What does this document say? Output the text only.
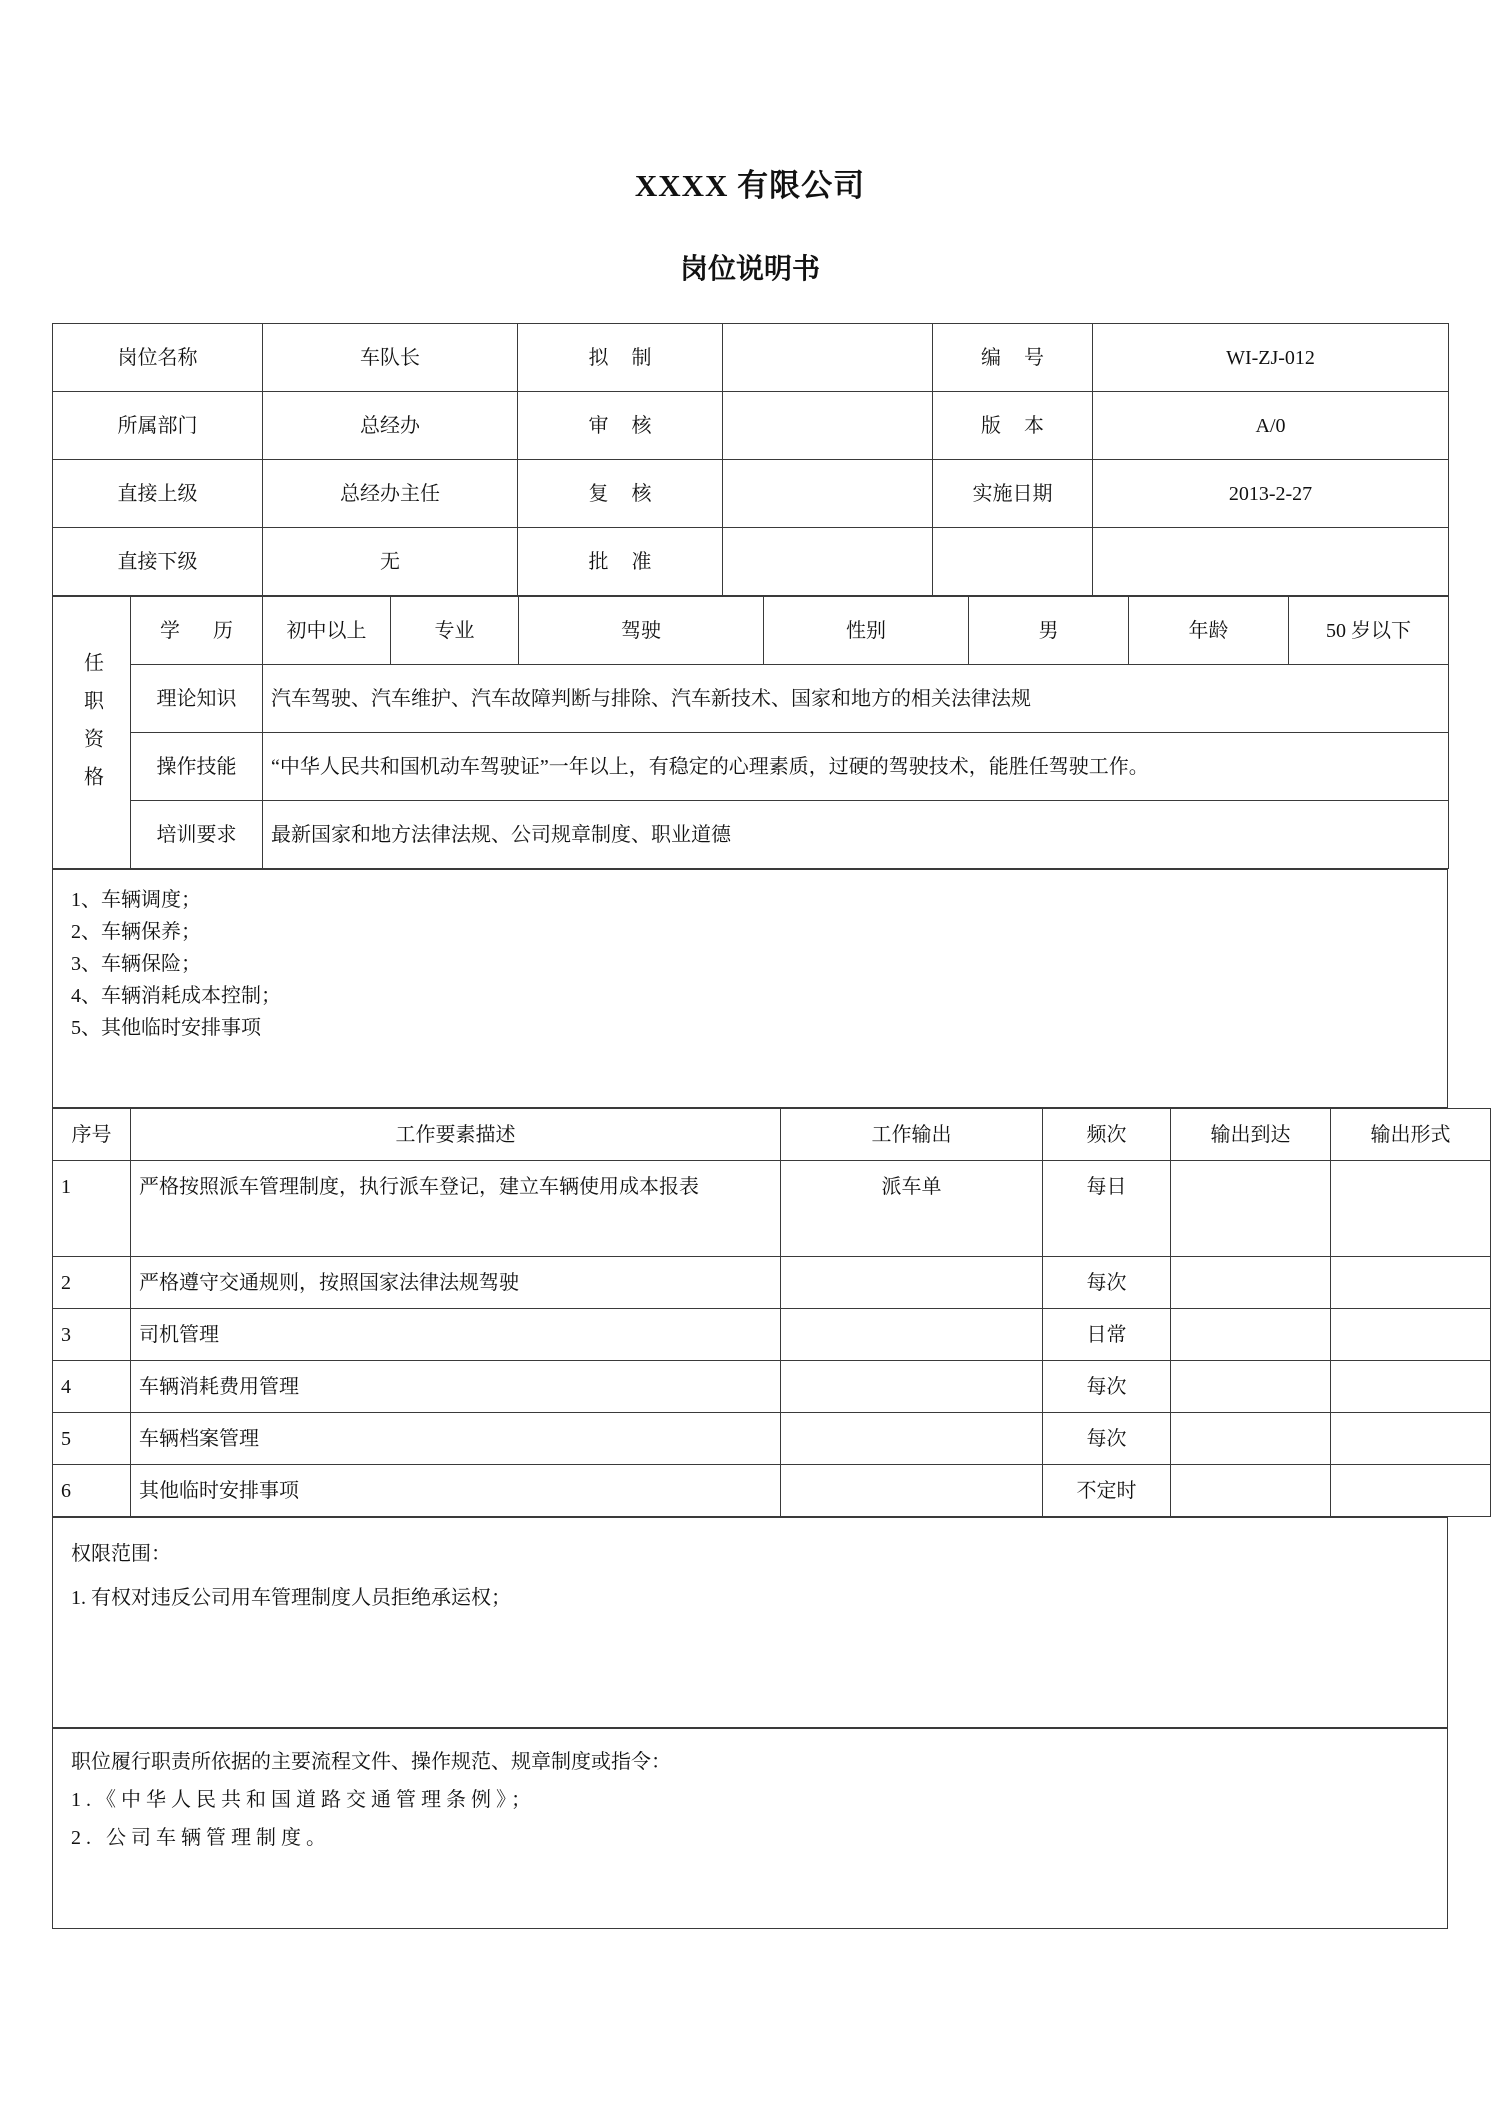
XXXX 有限公司
岗位说明书
岗位名称	车队长	拟 制		编 号	WI-ZJ-012
所属部门	总经办	审 核		版 本	A/0
直接上级	总经办主任	复 核		实施日期	2013-2-27
直接下级	无	批 准			
任职资格	学 历	初中以上	专业	驾驶	性别	男	年龄	50 岁以下
	理论知识	汽车驾驶、汽车维护、汽车故障判断与排除、汽车新技术、国家和地方的相关法律法规						
	操作技能	“中华人民共和国机动车驾驶证”一年以上，有稳定的心理素质，过硬的驾驶技术，能胜任驾驶工作。						
	培训要求	最新国家和地方法律法规、公司规章制度、职业道德						
1、车辆调度；
2、车辆保养；
3、车辆保险；
4、车辆消耗成本控制；
5、其他临时安排事项
序号	工作要素描述	工作输出	频次	输出到达	输出形式
1	严格按照派车管理制度，执行派车登记，建立车辆使用成本报表	派车单	每日		
2	严格遵守交通规则，按照国家法律法规驾驶		每次		
3	司机管理		日常		
4	车辆消耗费用管理		每次		
5	车辆档案管理		每次		
6	其他临时安排事项		不定时		
权限范围：
1. 有权对违反公司用车管理制度人员拒绝承运权；
职位履行职责所依据的主要流程文件、操作规范、规章制度或指令：
1.《中华人民共和国道路交通管理条例》；
2. 公司车辆管理制度。
